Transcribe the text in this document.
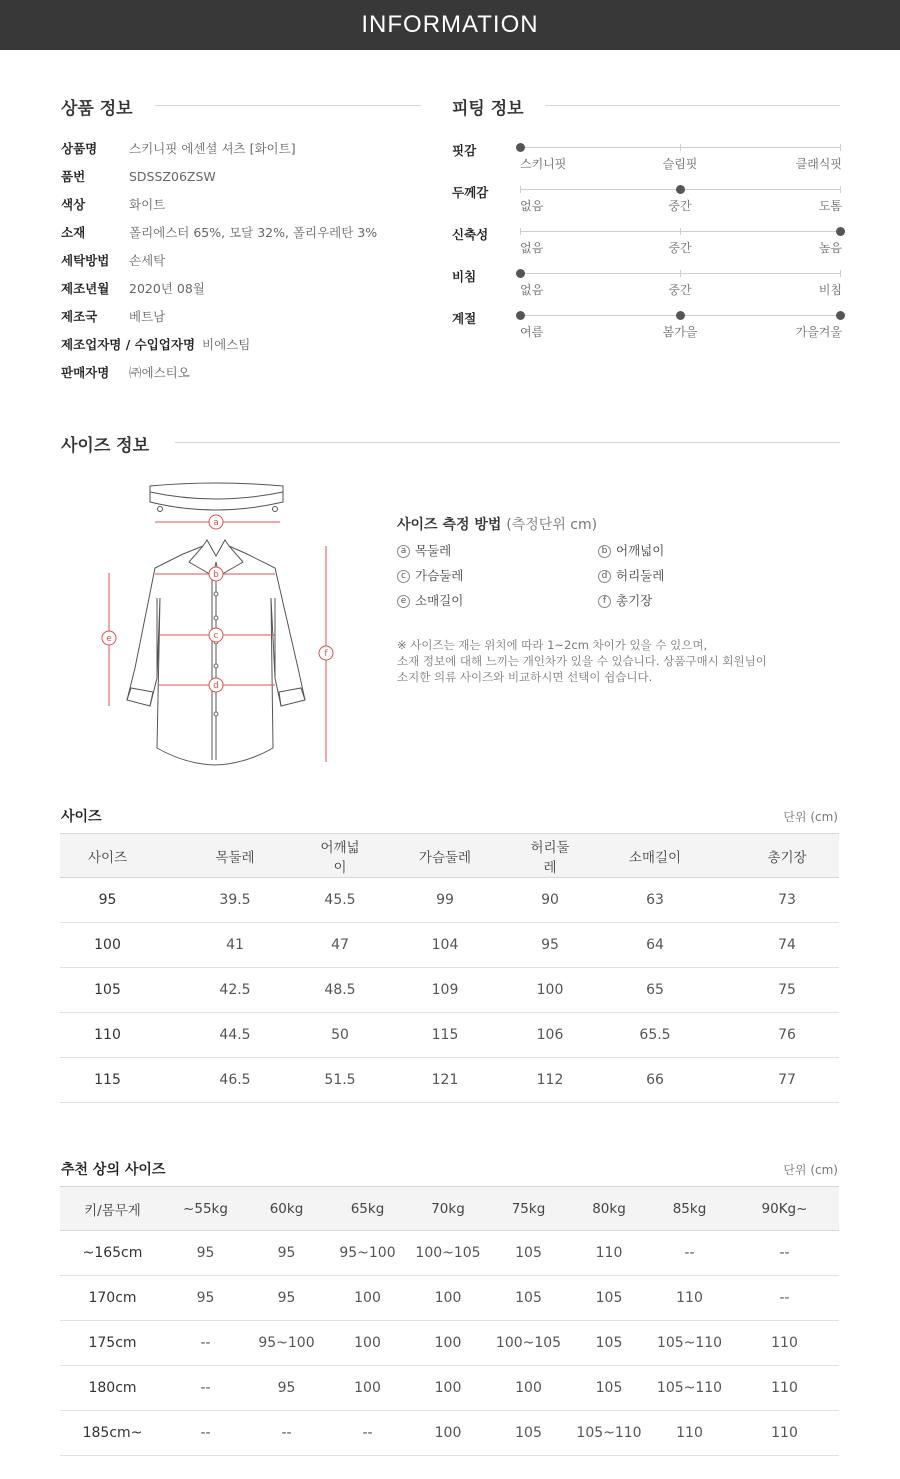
INFORMATION
상품 정보
상품명	스키니핏 에센셜 셔츠 [화이트]
품번	SDSSZ06ZSW
색상	화이트
소재	폴리에스터 65%, 모달 32%, 폴리우레탄 3%
세탁방법 손세탁
제조년월 2020년 08월
제조국	베트남
제조업자명 / 수입업자명 비에스팀
판매자명 ㈜에스티오
피팅 정보
핏감
스키니핏	슬림핏	클래식핏
두께감
없음	중간	도톰
신축성
없음	중간	높음
비침
없음	중간	비침
계절
여름	봄가을	가을겨울
사이즈 정보
a
b
c
d
e
f
사이즈 측정 방법 (측정단위 cm)
a 목둘레	b 어깨넓이
c 가슴둘레	d 허리둘레
e 소매길이	f 총기장
※ 사이즈는 재는 위치에 따라 1~2cm 차이가 있을 수 있으며,
소재 정보에 대해 느끼는 개인차가 있을 수 있습니다. 상품구매시 회원님이
소지한 의류 사이즈와 비교하시면 선택이 쉽습니다.
사이즈	단위 (cm)
사이즈	목둘레	어깨넓이	가슴둘레	허리둘레	소매길이	총기장
95	39.5	45.5	99	90	63	73
100	41	47	104	95	64	74
105	42.5	48.5	109	100	65	75
110	44.5	50	115	106	65.5	76
115	46.5	51.5	121	112	66	77
추천 상의 사이즈	단위 (cm)
키/몸무게	~55kg	60kg	65kg	70kg	75kg	80kg	85kg	90Kg~
~165cm	95	95	95~100	100~105	105	110	--	--
170cm	95	95	100	100	105	105	110	--
175cm	--	95~100	100	100	100~105	105	105~110	110
180cm	--	95	100	100	100	105	105~110	110
185cm~	--	--	--	100	105	105~110	110	110
